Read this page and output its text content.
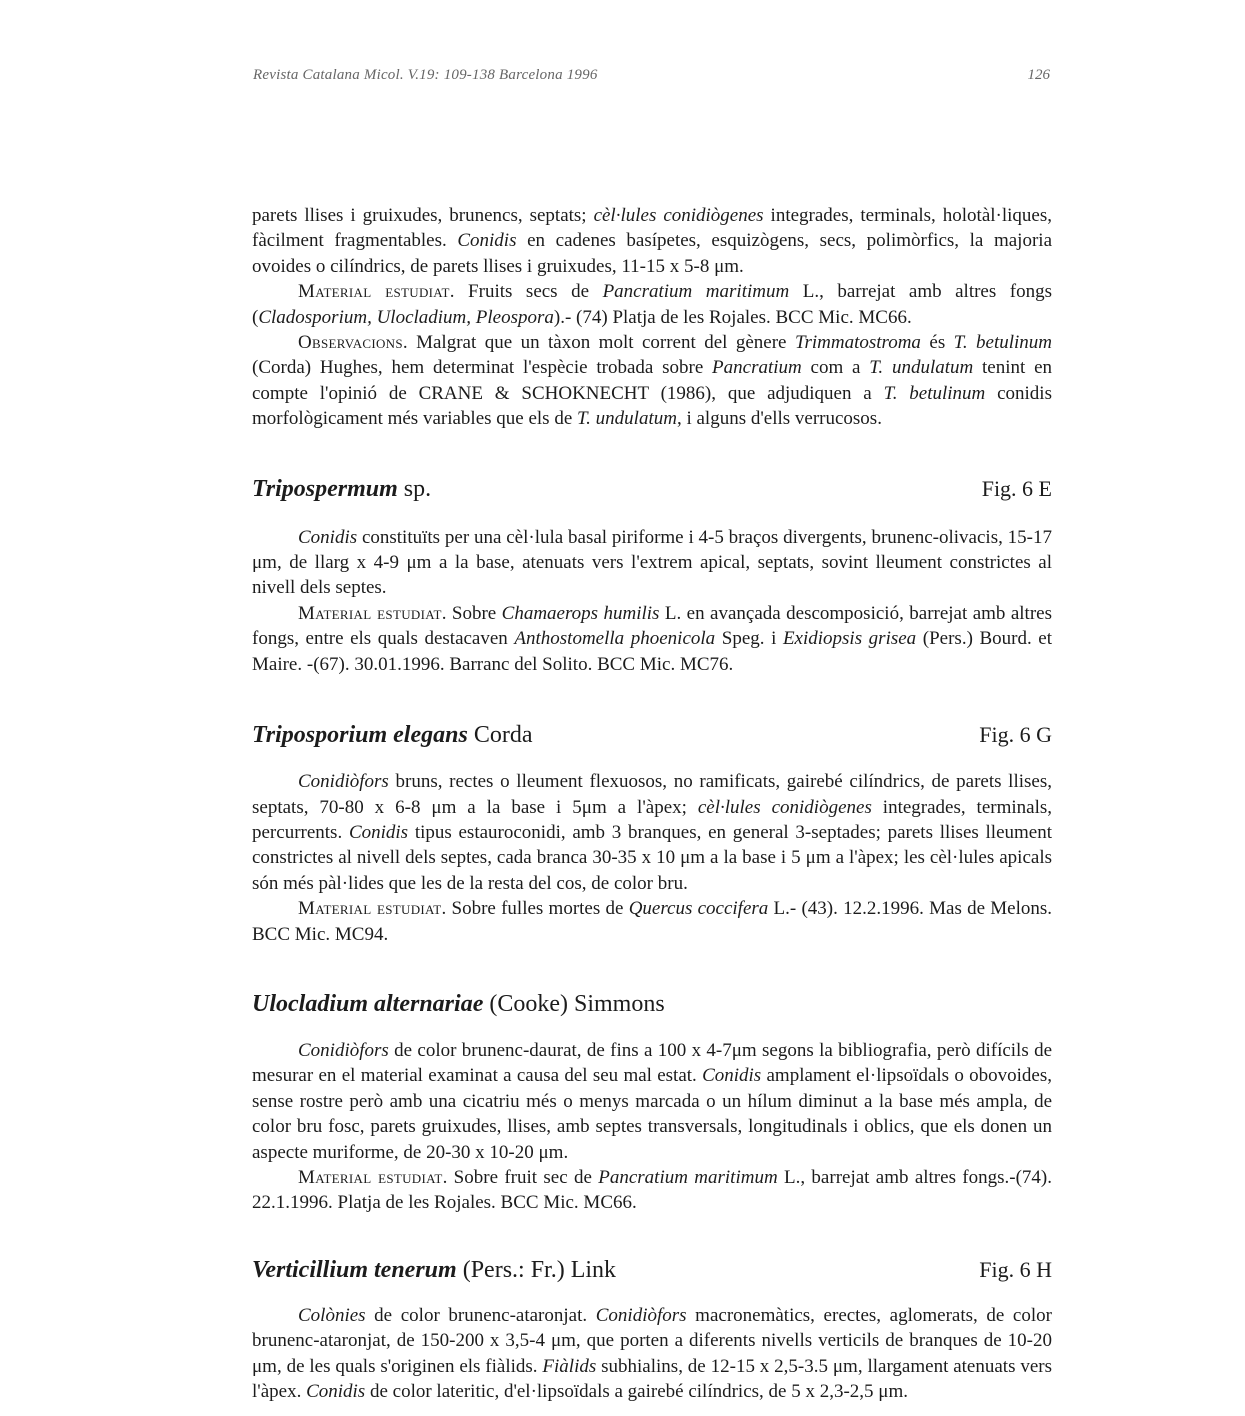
Revista Catalana Micol. V.19: 109-138 Barcelona 1996	126

parets llises i gruixudes, brunencs, septats; cèl·lules conidiògenes integrades, terminals, holotàl·liques, fàcilment fragmentables. Conidis en cadenes basípetes, esquizògens, secs, polimòrfics, la majoria ovoides o cilíndrics, de parets llises i gruixudes, 11-15 x 5-8 μm.

Material estudiat. Fruits secs de Pancratium maritimum L., barrejat amb altres fongs (Cladosporium, Ulocladium, Pleospora).- (74) Platja de les Rojales. BCC Mic. MC66.

Observacions. Malgrat que un tàxon molt corrent del gènere Trimmatostroma és T. betulinum (Corda) Hughes, hem determinat l'espècie trobada sobre Pancratium com a T. undulatum tenint en compte l'opinió de CRANE & SCHOKNECHT (1986), que adjudiquen a T. betulinum conidis morfològicament més variables que els de T. undulatum, i alguns d'ells verrucosos.

Tripospermum sp.	Fig. 6 E

Conidis constituïts per una cèl·lula basal piriforme i 4-5 braços divergents, brunenc-olivacis, 15-17 μm, de llarg x 4-9 μm a la base, atenuats vers l'extrem apical, septats, sovint lleument constrictes al nivell dels septes.

Material estudiat. Sobre Chamaerops humilis L. en avançada descomposició, barrejat amb altres fongs, entre els quals destacaven Anthostomella phoenicola Speg. i Exidiopsis grisea (Pers.) Bourd. et Maire. -(67). 30.01.1996. Barranc del Solito. BCC Mic. MC76.

Triposporium elegans Corda	Fig. 6 G

Conidiòfors bruns, rectes o lleument flexuosos, no ramificats, gairebé cilíndrics, de parets llises, septats, 70-80 x 6-8 μm a la base i 5μm a l'àpex; cèl·lules conidiògenes integrades, terminals, percurrents. Conidis tipus estauroconidi, amb 3 branques, en general 3-septades; parets llises lleument constrictes al nivell dels septes, cada branca 30-35 x 10 μm a la base i 5 μm a l'àpex; les cèl·lules apicals són més pàl·lides que les de la resta del cos, de color bru.

Material estudiat. Sobre fulles mortes de Quercus coccifera L.- (43). 12.2.1996. Mas de Melons. BCC Mic. MC94.

Ulocladium alternariae (Cooke) Simmons

Conidiòfors de color brunenc-daurat, de fins a 100 x 4-7μm segons la bibliografia, però difícils de mesurar en el material examinat a causa del seu mal estat. Conidis amplament el·lipsoïdals o obovoides, sense rostre però amb una cicatriu més o menys marcada o un hílum diminut a la base més ampla, de color bru fosc, parets gruixudes, llises, amb septes transversals, longitudinals i oblics, que els donen un aspecte muriforme, de 20-30 x 10-20 μm.

Material estudiat. Sobre fruit sec de Pancratium maritimum L., barrejat amb altres fongs.-(74). 22.1.1996. Platja de les Rojales. BCC Mic. MC66.

Verticillium tenerum (Pers.: Fr.) Link	Fig. 6 H

Colònies de color brunenc-ataronjat. Conidiòfors macronemàtics, erectes, aglomerats, de color brunenc-ataronjat, de 150-200 x 3,5-4 μm, que porten a diferents nivells verticils de branques de 10-20 μm, de les quals s'originen els fiàlids. Fiàlids subhialins, de 12-15 x 2,5-3.5 μm, llargament atenuats vers l'àpex. Conidis de color lateritic, d'el·lipsoïdals a gairebé cilíndrics, de 5 x 2,3-2,5 μm.
